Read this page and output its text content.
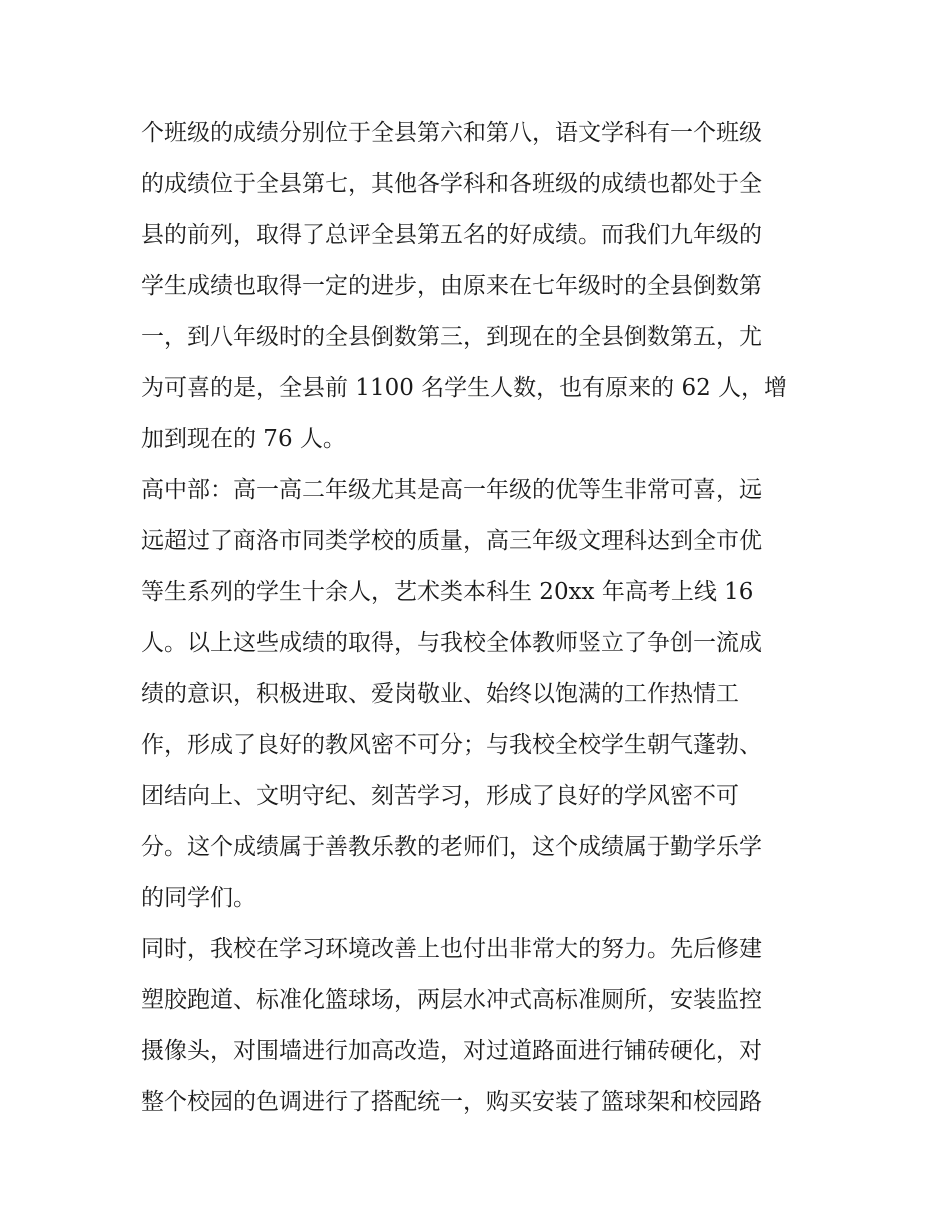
个班级的成绩分别位于全县第六和第八，语文学科有一个班级
的成绩位于全县第七，其他各学科和各班级的成绩也都处于全
县的前列，取得了总评全县第五名的好成绩。而我们九年级的
学生成绩也取得一定的进步，由原来在七年级时的全县倒数第
一，到八年级时的全县倒数第三，到现在的全县倒数第五，尤
为可喜的是，全县前 1100 名学生人数，也有原来的 62 人，增
加到现在的 76 人。
高中部：高一高二年级尤其是高一年级的优等生非常可喜，远
远超过了商洛市同类学校的质量，高三年级文理科达到全市优
等生系列的学生十余人，艺术类本科生 20xx 年高考上线 16
人。以上这些成绩的取得，与我校全体教师竖立了争创一流成
绩的意识，积极进取、爱岗敬业、始终以饱满的工作热情工
作，形成了良好的教风密不可分；与我校全校学生朝气蓬勃、
团结向上、文明守纪、刻苦学习，形成了良好的学风密不可
分。这个成绩属于善教乐教的老师们，这个成绩属于勤学乐学
的同学们。
同时，我校在学习环境改善上也付出非常大的努力。先后修建
塑胶跑道、标准化篮球场，两层水冲式高标准厕所，安装监控
摄像头，对围墙进行加高改造，对过道路面进行铺砖硬化，对
整个校园的色调进行了搭配统一，购买安装了篮球架和校园路
